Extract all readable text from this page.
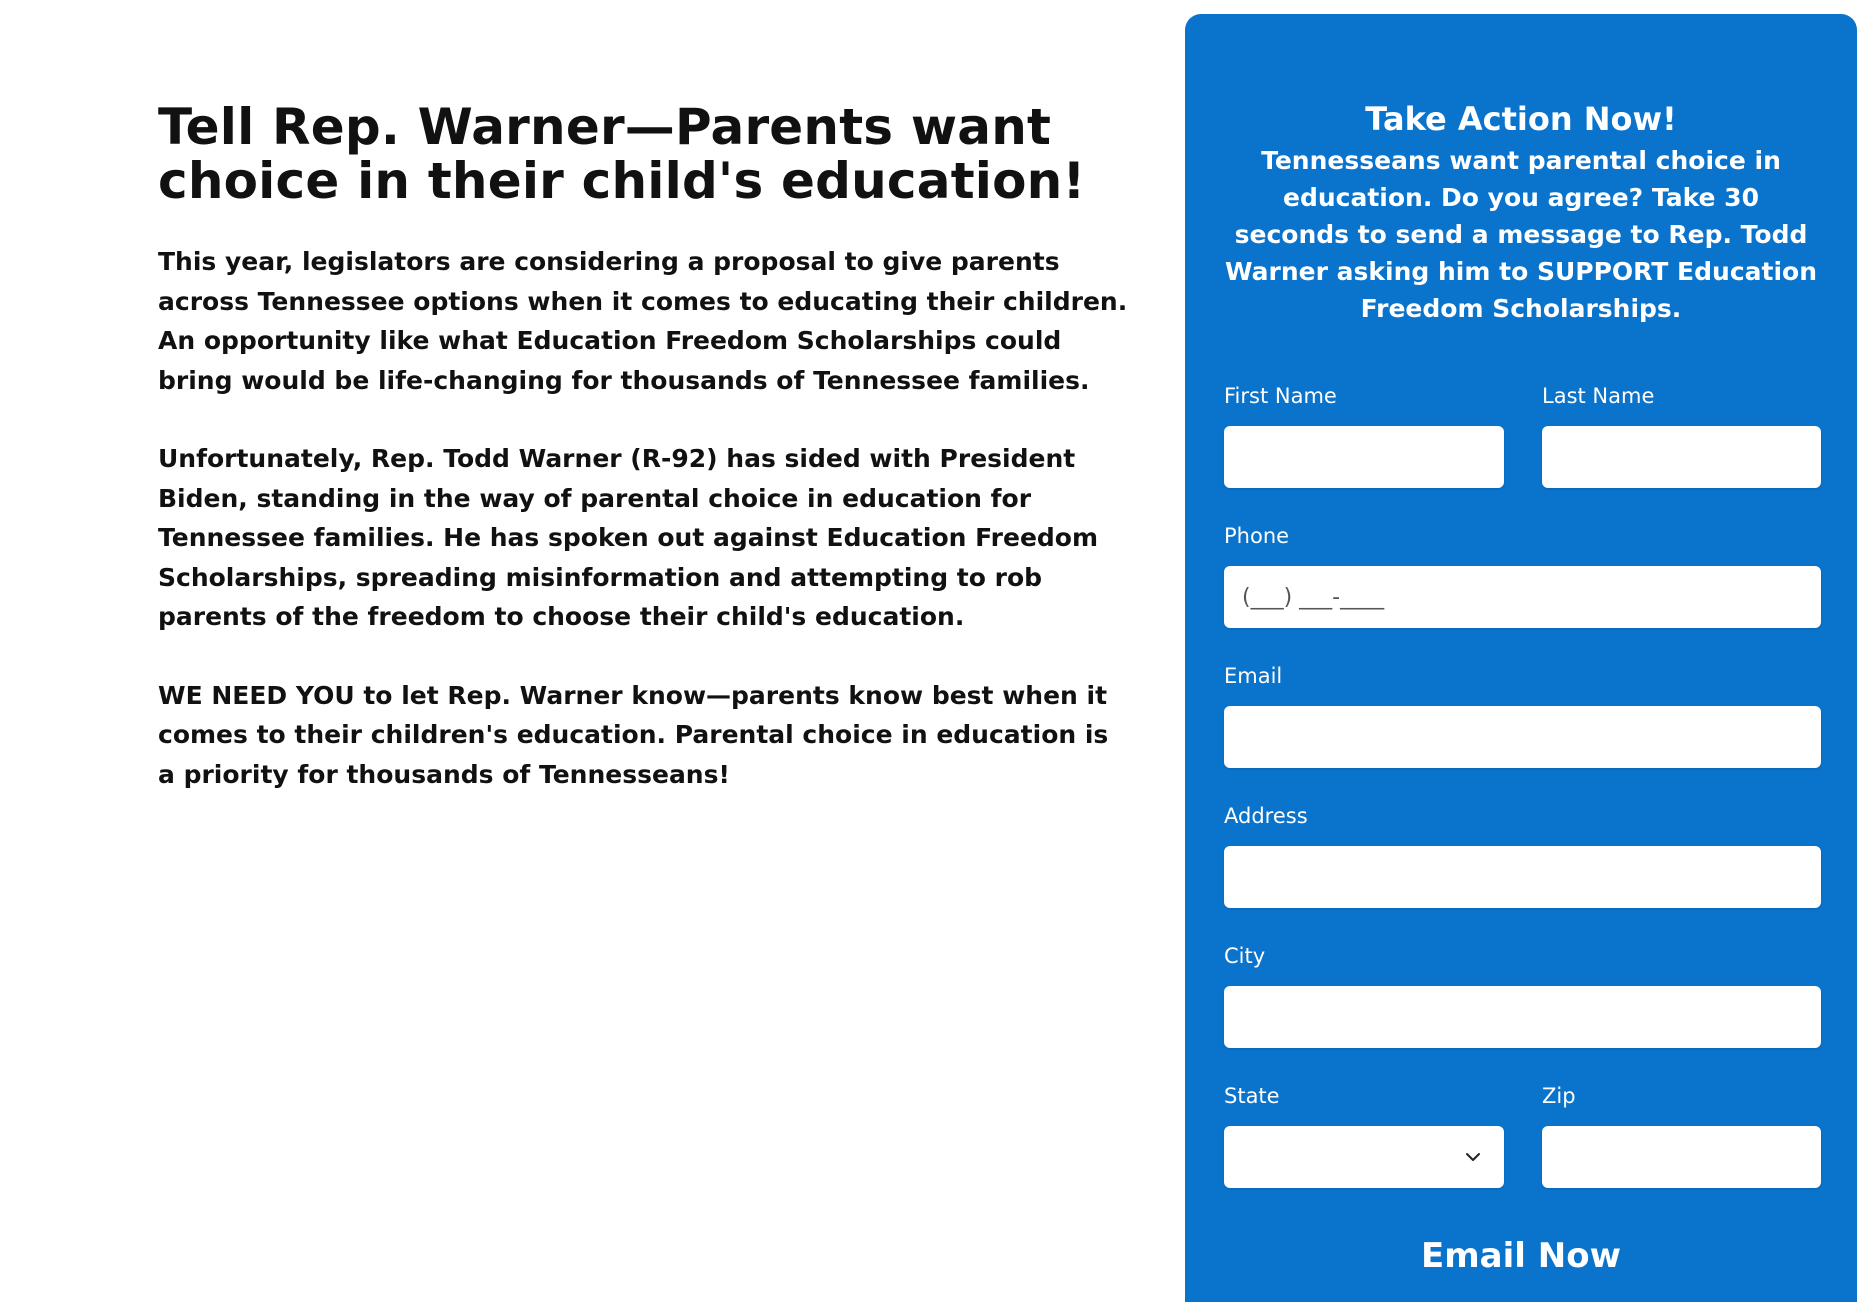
Tell Rep. Warner—Parents want choice in their child's education!

This year, legislators are considering a proposal to give parents across Tennessee options when it comes to educating their children. An opportunity like what Education Freedom Scholarships could bring would be life-changing for thousands of Tennessee families.

Unfortunately, Rep. Todd Warner (R-92) has sided with President Biden, standing in the way of parental choice in education for Tennessee families. He has spoken out against Education Freedom Scholarships, spreading misinformation and attempting to rob parents of the freedom to choose their child's education.

WE NEED YOU to let Rep. Warner know—parents know best when it comes to their children's education. Parental choice in education is a priority for thousands of Tennesseans!

Take Action Now!
Tennesseans want parental choice in education. Do you agree? Take 30 seconds to send a message to Rep. Todd Warner asking him to SUPPORT Education Freedom Scholarships.
First Name	Last Name
Phone
(___) ___-____
Email
Address
City
State	Zip
Email Now
